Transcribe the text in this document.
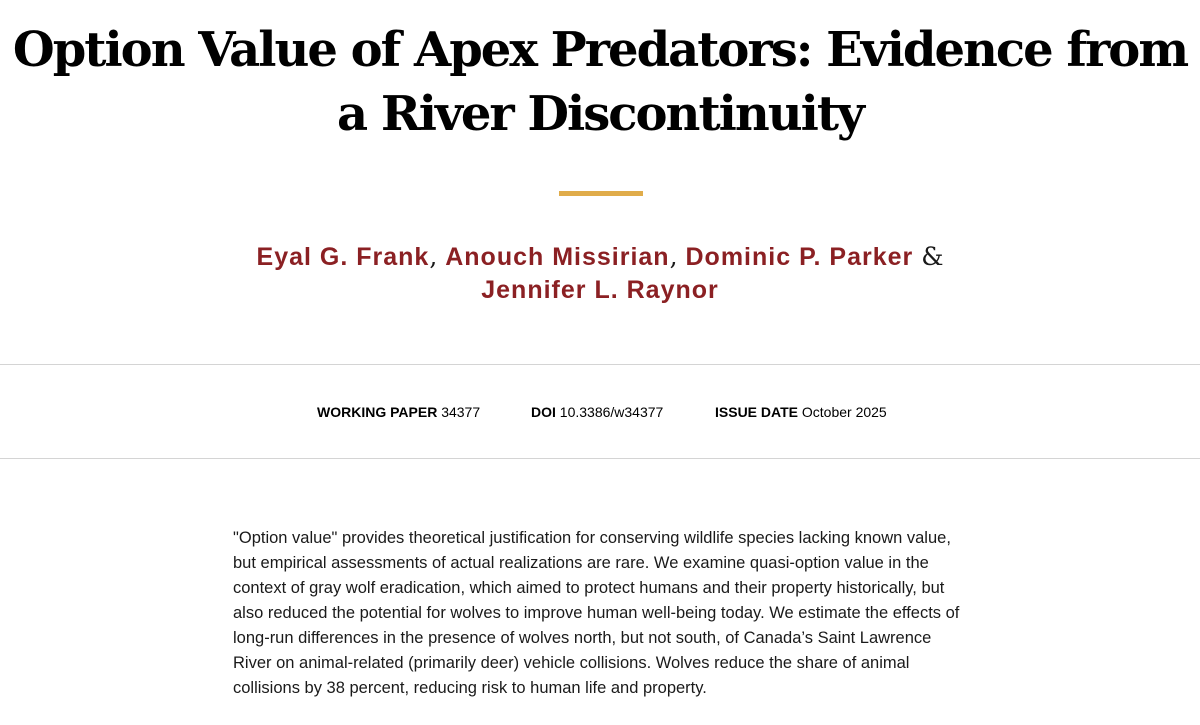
Option Value of Apex Predators: Evidence from a River Discontinuity
Eyal G. Frank, Anouch Missirian, Dominic P. Parker &
Jennifer L. Raynor
WORKING PAPER 34377	DOI 10.3386/w34377	ISSUE DATE October 2025

"Option value" provides theoretical justification for conserving wildlife species lacking known value, but empirical assessments of actual realizations are rare. We examine quasi-option value in the context of gray wolf eradication, which aimed to protect humans and their property historically, but also reduced the potential for wolves to improve human well-being today. We estimate the effects of long-run differences in the presence of wolves north, but not south, of Canada’s Saint Lawrence River on animal-related (primarily deer) vehicle collisions. Wolves reduce the share of animal collisions by 38 percent, reducing risk to human life and property.
